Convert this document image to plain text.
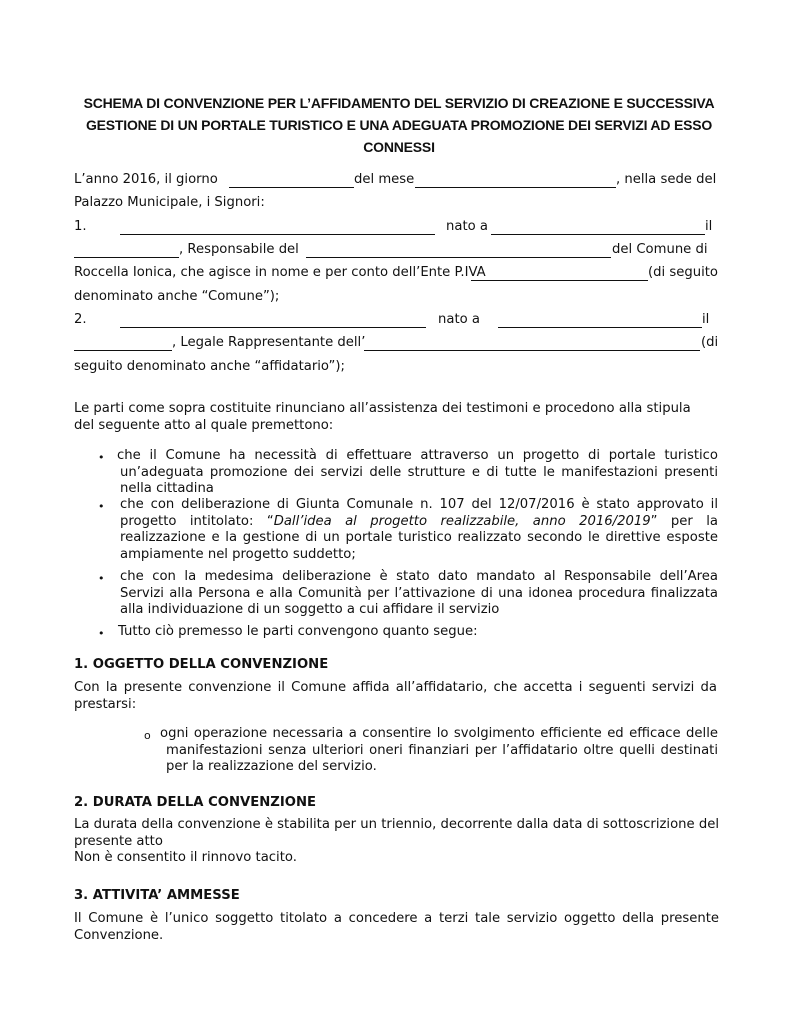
SCHEMA DI CONVENZIONE PER L’AFFIDAMENTO DEL SERVIZIO DI CREAZIONE E SUCCESSIVA
GESTIONE DI UN PORTALE TURISTICO E UNA ADEGUATA PROMOZIONE DEI SERVIZI AD ESSO
CONNESSI
L’anno 2016, il giorno	del mese	, nella sede del
Palazzo Municipale, i Signori:
1.	nato a	il
, Responsabile del	del Comune di
Roccella Ionica, che agisce in nome e per conto dell’Ente P.IVA	(di seguito
denominato anche “Comune”);
2.	nato a	il
, Legale Rappresentante dell’	(di
seguito denominato anche “affidatario”);
Le parti come sopra costituite rinunciano all’assistenza dei testimoni e procedono alla stipula del seguente atto al quale premettono:
• che il Comune ha necessità di effettuare attraverso un progetto di portale turistico un’adeguata promozione dei servizi delle strutture e di tutte le manifestazioni presenti nella cittadina
• che con deliberazione di Giunta Comunale n. 107 del 12/07/2016 è stato approvato il progetto intitolato: “Dall’idea al progetto realizzabile, anno 2016/2019” per la realizzazione e la gestione di un portale turistico realizzato secondo le direttive esposte ampiamente nel progetto suddetto;
• che con la medesima deliberazione è stato dato mandato al Responsabile dell’Area Servizi alla Persona e alla Comunità per l’attivazione di una idonea procedura finalizzata alla individuazione di un soggetto a cui affidare il servizio
• Tutto ciò premesso le parti convengono quanto segue:
1. OGGETTO DELLA CONVENZIONE
Con la presente convenzione il Comune affida all’affidatario, che accetta i seguenti servizi da prestarsi:
o ogni operazione necessaria a consentire lo svolgimento efficiente ed efficace delle manifestazioni senza ulteriori oneri finanziari per l’affidatario oltre quelli destinati per la realizzazione del servizio.
2. DURATA DELLA CONVENZIONE
La durata della convenzione è stabilita per un triennio, decorrente dalla data di sottoscrizione del presente atto
Non è consentito il rinnovo tacito.
3. ATTIVITA’ AMMESSE
Il Comune è l’unico soggetto titolato a concedere a terzi tale servizio oggetto della presente Convenzione.
